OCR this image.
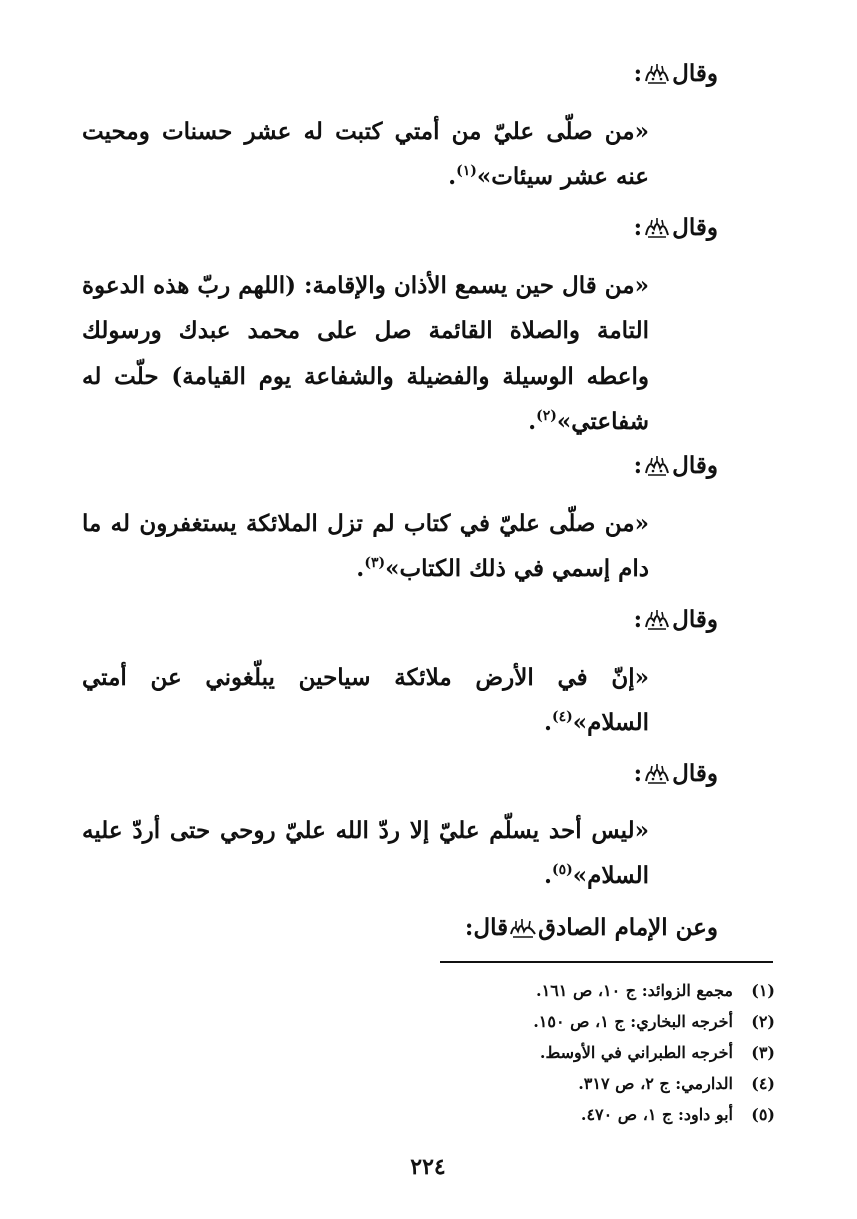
وقال:

«من صلّى عليّ من أمتي كتبت له عشر حسنات ومحيت عنه عشر سيئات»$^{(١)}$.

وقال:

«من قال حين يسمع الأذان والإقامة: (اللهم ربّ هذه الدعوة التامة والصلاة القائمة صل على محمد عبدك ورسولك واعطه الوسيلة والفضيلة والشفاعة يوم القيامة) حلّت له شفاعتي»$^{(٢)}$.

وقال:

«من صلّى عليّ في كتاب لم تزل الملائكة يستغفرون له ما دام إسمي في ذلك الكتاب»$^{(٣)}$.

وقال:

«إنّ في الأرض ملائكة سياحين يبلّغوني عن أمتي السلام»$^{(٤)}$.

وقال:

«ليس أحد يسلّم عليّ إلا ردّ الله عليّ روحي حتى أردّ عليه السلام»$^{(٥)}$.

وعن الإمام الصادققال:
(١)مجمع الزوائد: ج ١٠، ص ١٦١.
(٢)أخرجه البخاري: ج ١، ص ١٥٠.
(٣)أخرجه الطبراني في الأوسط.
(٤)الدارمي: ج ٢، ص ٣١٧.
(٥)أبو داود: ج ١، ص ٤٧٠.
٢٢٤
